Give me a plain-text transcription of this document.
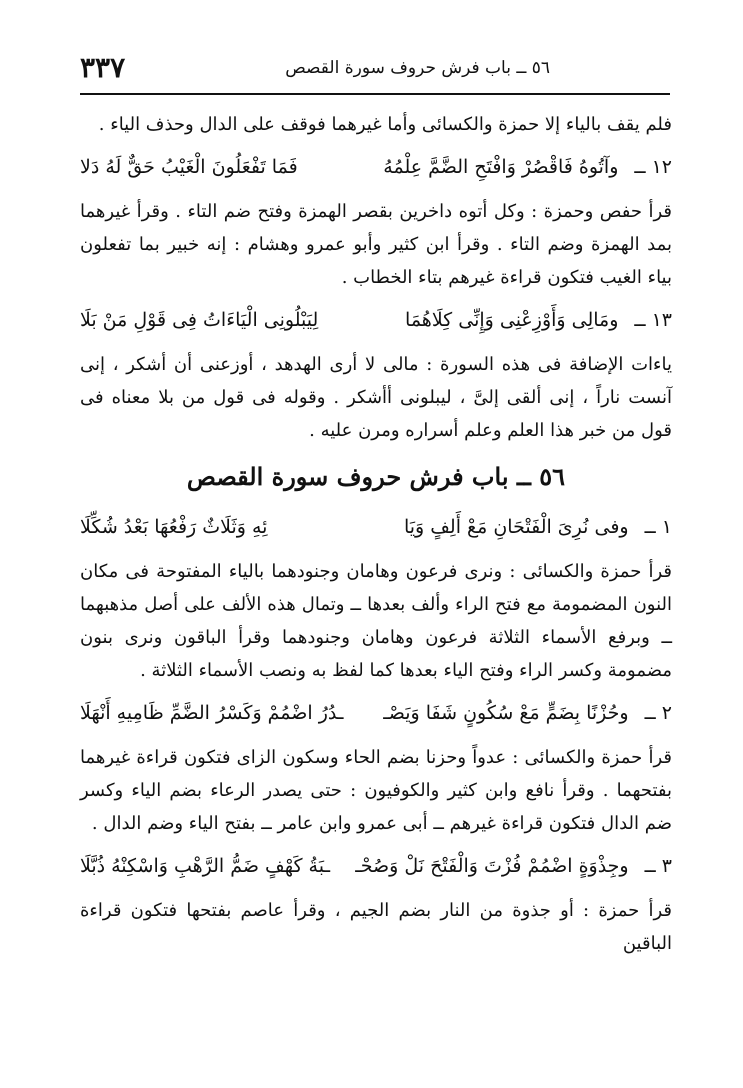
٣٣٧	٥٦ ــ باب فرش حروف سورة القصص

فلم يقف بالياء إلا حمزة والكسائى وأما غيرهما فوقف على الدال وحذف الياء .

١٢ ــ
وآتُوهُ فَاقْصُرْ وَافْتَحِ الضَّمَّ عِلْمُهُ
فَمَا تَفْعَلُونَ الْغَيْبُ حَقٌّ لَهُ دَلا

قرأ حفص وحمزة : وكل أتوه داخرين بقصر الهمزة وفتح ضم التاء . وقرأ غيرهما بمد الهمزة وضم التاء . وقرأ ابن كثير وأبو عمرو وهشام : إنه خبير بما تفعلون بياء الغيب فتكون قراءة غيرهم بتاء الخطاب .

١٣ ــ
ومَالِى وَأَوْزِعْنِى وَإِنِّى كِلَاهُمَا
لِيَبْلُونِى الْيَاءَاتُ فِى قَوْلِ مَنْ بَلَا

ياءات الإضافة فى هذه السورة : مالى لا أرى الهدهد ، أوزعنى أن أشكر ، إنى آنست ناراً ، إنى ألقى إلىَّ ، ليبلونى أأشكر . وقوله فى قول من بلا معناه فى قول من خبر هذا العلم وعلم أسراره ومرن عليه .

٥٦ ــ باب فرش حروف سورة القصص
١ ــ
وفى نُرِىَ الْفَتْحَانِ مَعْ أَلِفٍ وَيَا
ئِهِ وَثَلَاثٌ رَفْعُهَا بَعْدُ شُكِّلَا

قرأ حمزة والكسائى : ونرى فرعون وهامان وجنودهما بالياء المفتوحة فى مكان النون المضمومة مع فتح الراء وألف بعدها ــ وتمال هذه الألف على أصل مذهبهما ــ وبرفع الأسماء الثلاثة فرعون وهامان وجنودهما وقرأ الباقون ونرى بنون مضمومة وكسر الراء وفتح الياء بعدها كما لفظ به ونصب الأسماء الثلاثة .

٢ ــ
وحُزْنًا بِضَمٍّ مَعْ سُكُونٍ شَفَا وَيَصْـ
ـدُرُ اضْمُمْ وَكَسْرُ الضَّمِّ ظَامِيهِ أَنْهَلَا

قرأ حمزة والكسائى : عدواً وحزنا بضم الحاء وسكون الزاى فتكون قراءة غيرهما بفتحهما . وقرأ نافع وابن كثير والكوفيون : حتى يصدر الرعاء بضم الياء وكسر ضم الدال فتكون قراءة غيرهم ــ أبى عمرو وابن عامر ــ بفتح الياء وضم الدال .

٣ ــ
وجِذْوَةٍ اضْمُمْ فُزْتَ وَالْفَتْحَ نَلْ وَصُحْـ
ـبَةُ كَهْفٍ ضَمُّ الرَّهْبِ وَاسْكِنْهُ ذُبَّلَا

قرأ حمزة : أو جذوة من النار بضم الجيم ، وقرأ عاصم بفتحها فتكون قراءة الباقين
